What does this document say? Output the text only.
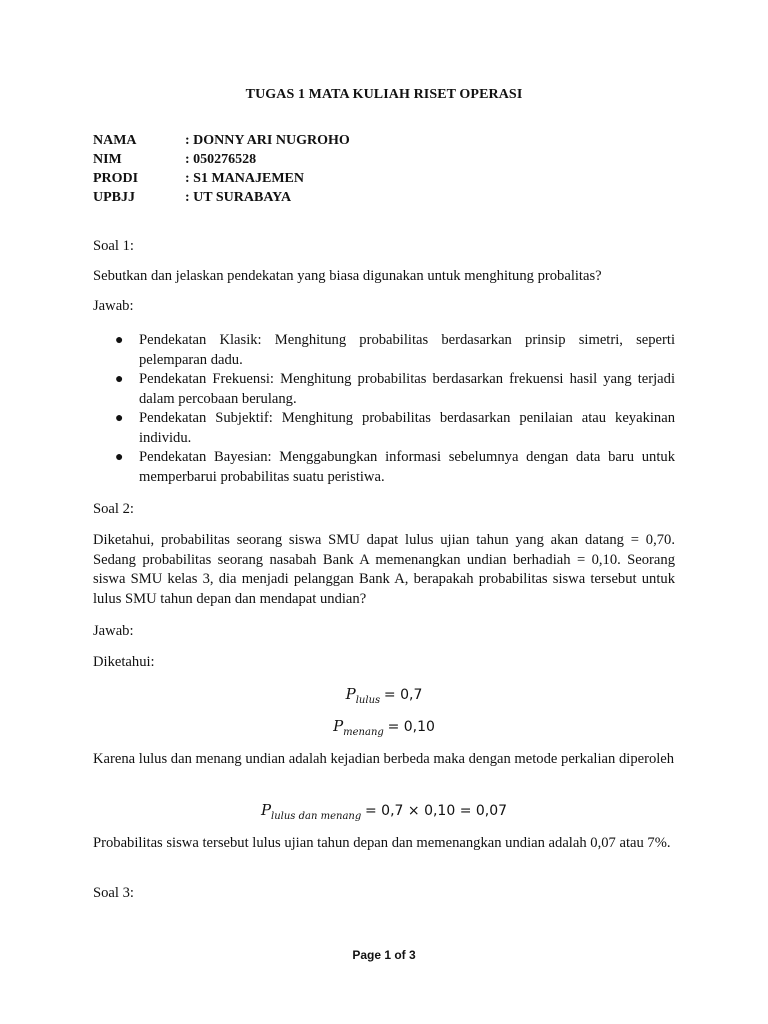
TUGAS 1 MATA KULIAH RISET OPERASI
NAMA	: DONNY ARI NUGROHO
NIM	: 050276528
PRODI	: S1 MANAJEMEN
UPBJJ	: UT SURABAYA
Soal 1:
Sebutkan dan jelaskan pendekatan yang biasa digunakan untuk menghitung probalitas?
Jawab:
● Pendekatan Klasik: Menghitung probabilitas berdasarkan prinsip simetri, seperti pelemparan dadu.
● Pendekatan Frekuensi: Menghitung probabilitas berdasarkan frekuensi hasil yang terjadi dalam percobaan berulang.
● Pendekatan Subjektif: Menghitung probabilitas berdasarkan penilaian atau keyakinan individu.
● Pendekatan Bayesian: Menggabungkan informasi sebelumnya dengan data baru untuk memperbarui probabilitas suatu peristiwa.
Soal 2:
Diketahui, probabilitas seorang siswa SMU dapat lulus ujian tahun yang akan datang = 0,70. Sedang probabilitas seorang nasabah Bank A memenangkan undian berhadiah = 0,10. Seorang siswa SMU kelas 3, dia menjadi pelanggan Bank A, berapakah probabilitas siswa tersebut untuk lulus SMU tahun depan dan mendapat undian?
Jawab:
Diketahui:
$P_{lulus} = 0,7$
$P_{menang} = 0,10$
Karena lulus dan menang undian adalah kejadian berbeda maka dengan metode perkalian diperoleh
$P_{lulus dan menang} = 0,7 \times 0,10 = 0,07$
Probabilitas siswa tersebut lulus ujian tahun depan dan memenangkan undian adalah 0,07 atau 7%.
Soal 3:
Page 1 of 3
